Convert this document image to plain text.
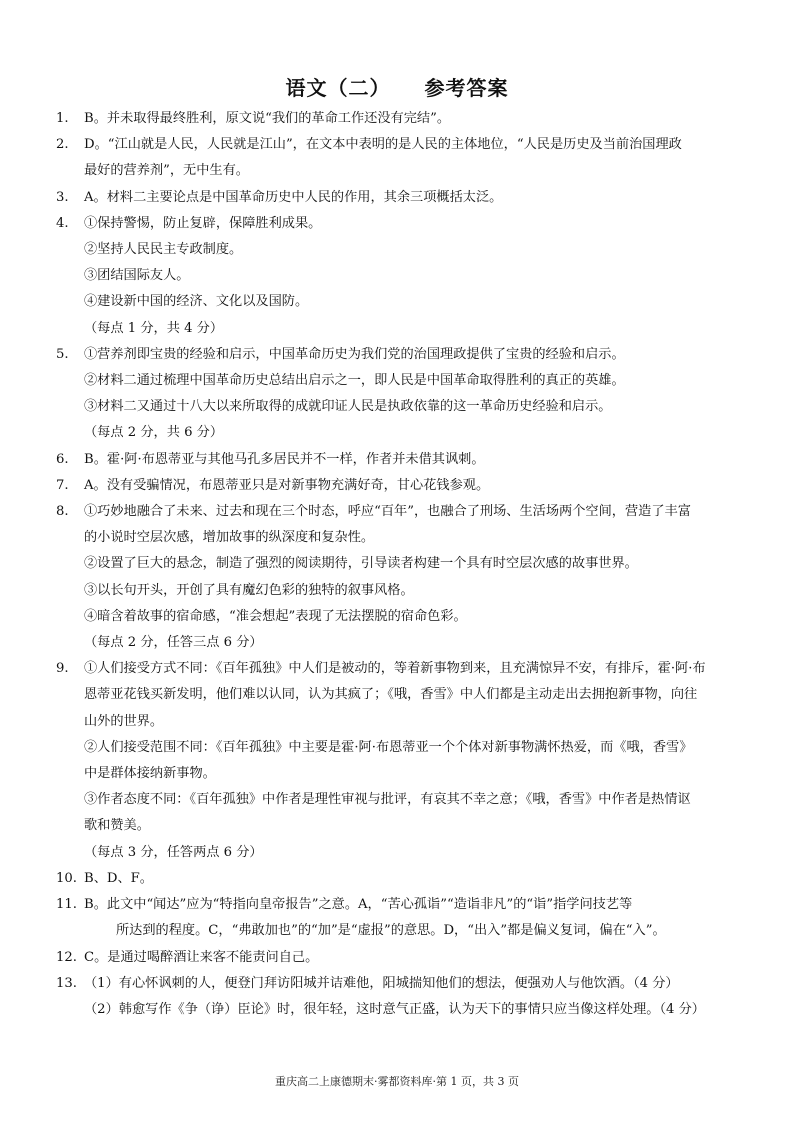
语文（二） 参考答案
1. B。并未取得最终胜利，原文说“我们的革命工作还没有完结”。
2. D。“江山就是人民，人民就是江山”，在文本中表明的是人民的主体地位，“人民是历史及当前治国理政
最好的营养剂”，无中生有。
3. A。材料二主要论点是中国革命历史中人民的作用，其余三项概括太泛。
4. ①保持警惕，防止复辟，保障胜利成果。
②坚持人民民主专政制度。
③团结国际友人。
④建设新中国的经济、文化以及国防。
（每点 1 分，共 4 分）
5. ①营养剂即宝贵的经验和启示，中国革命历史为我们党的治国理政提供了宝贵的经验和启示。
②材料二通过梳理中国革命历史总结出启示之一，即人民是中国革命取得胜利的真正的英雄。
③材料二又通过十八大以来所取得的成就印证人民是执政依靠的这一革命历史经验和启示。
（每点 2 分，共 6 分）
6. B。霍·阿·布恩蒂亚与其他马孔多居民并不一样，作者并未借其讽刺。
7. A。没有受骗情况，布恩蒂亚只是对新事物充满好奇，甘心花钱参观。
8. ①巧妙地融合了未来、过去和现在三个时态，呼应“百年”，也融合了刑场、生活场两个空间，营造了丰富
的小说时空层次感，增加故事的纵深度和复杂性。
②设置了巨大的悬念，制造了强烈的阅读期待，引导读者构建一个具有时空层次感的故事世界。
③以长句开头，开创了具有魔幻色彩的独特的叙事风格。
④暗含着故事的宿命感，“准会想起”表现了无法摆脱的宿命色彩。
（每点 2 分，任答三点 6 分）
9. ①人们接受方式不同：《百年孤独》中人们是被动的，等着新事物到来，且充满惊异不安，有排斥，霍·阿·布
恩蒂亚花钱买新发明，他们难以认同，认为其疯了；《哦，香雪》中人们都是主动走出去拥抱新事物，向往
山外的世界。
②人们接受范围不同：《百年孤独》中主要是霍·阿·布恩蒂亚一个个体对新事物满怀热爱，而《哦，香雪》
中是群体接纳新事物。
③作者态度不同：《百年孤独》中作者是理性审视与批评，有哀其不幸之意；《哦，香雪》中作者是热情讴
歌和赞美。
（每点 3 分，任答两点 6 分）
10. B、D、F。
11. B。此文中“闻达”应为“特指向皇帝报告”之意。A，“苦心孤诣”“造诣非凡”的“诣”指学问技艺等
所达到的程度。C，“弗敢加也”的“加”是“虚报”的意思。D，“出入”都是偏义复词，偏在“入”。
12. C。是通过喝醉酒让来客不能责问自己。
13. （1）有心怀讽刺的人，便登门拜访阳城并诘难他，阳城揣知他们的想法，便强劝人与他饮酒。（4 分）
（2）韩愈写作《争（诤）臣论》时，很年轻，这时意气正盛，认为天下的事情只应当像这样处理。（4 分）
重庆高二上康德期末·雾都资料库·第 1 页，共 3 页
